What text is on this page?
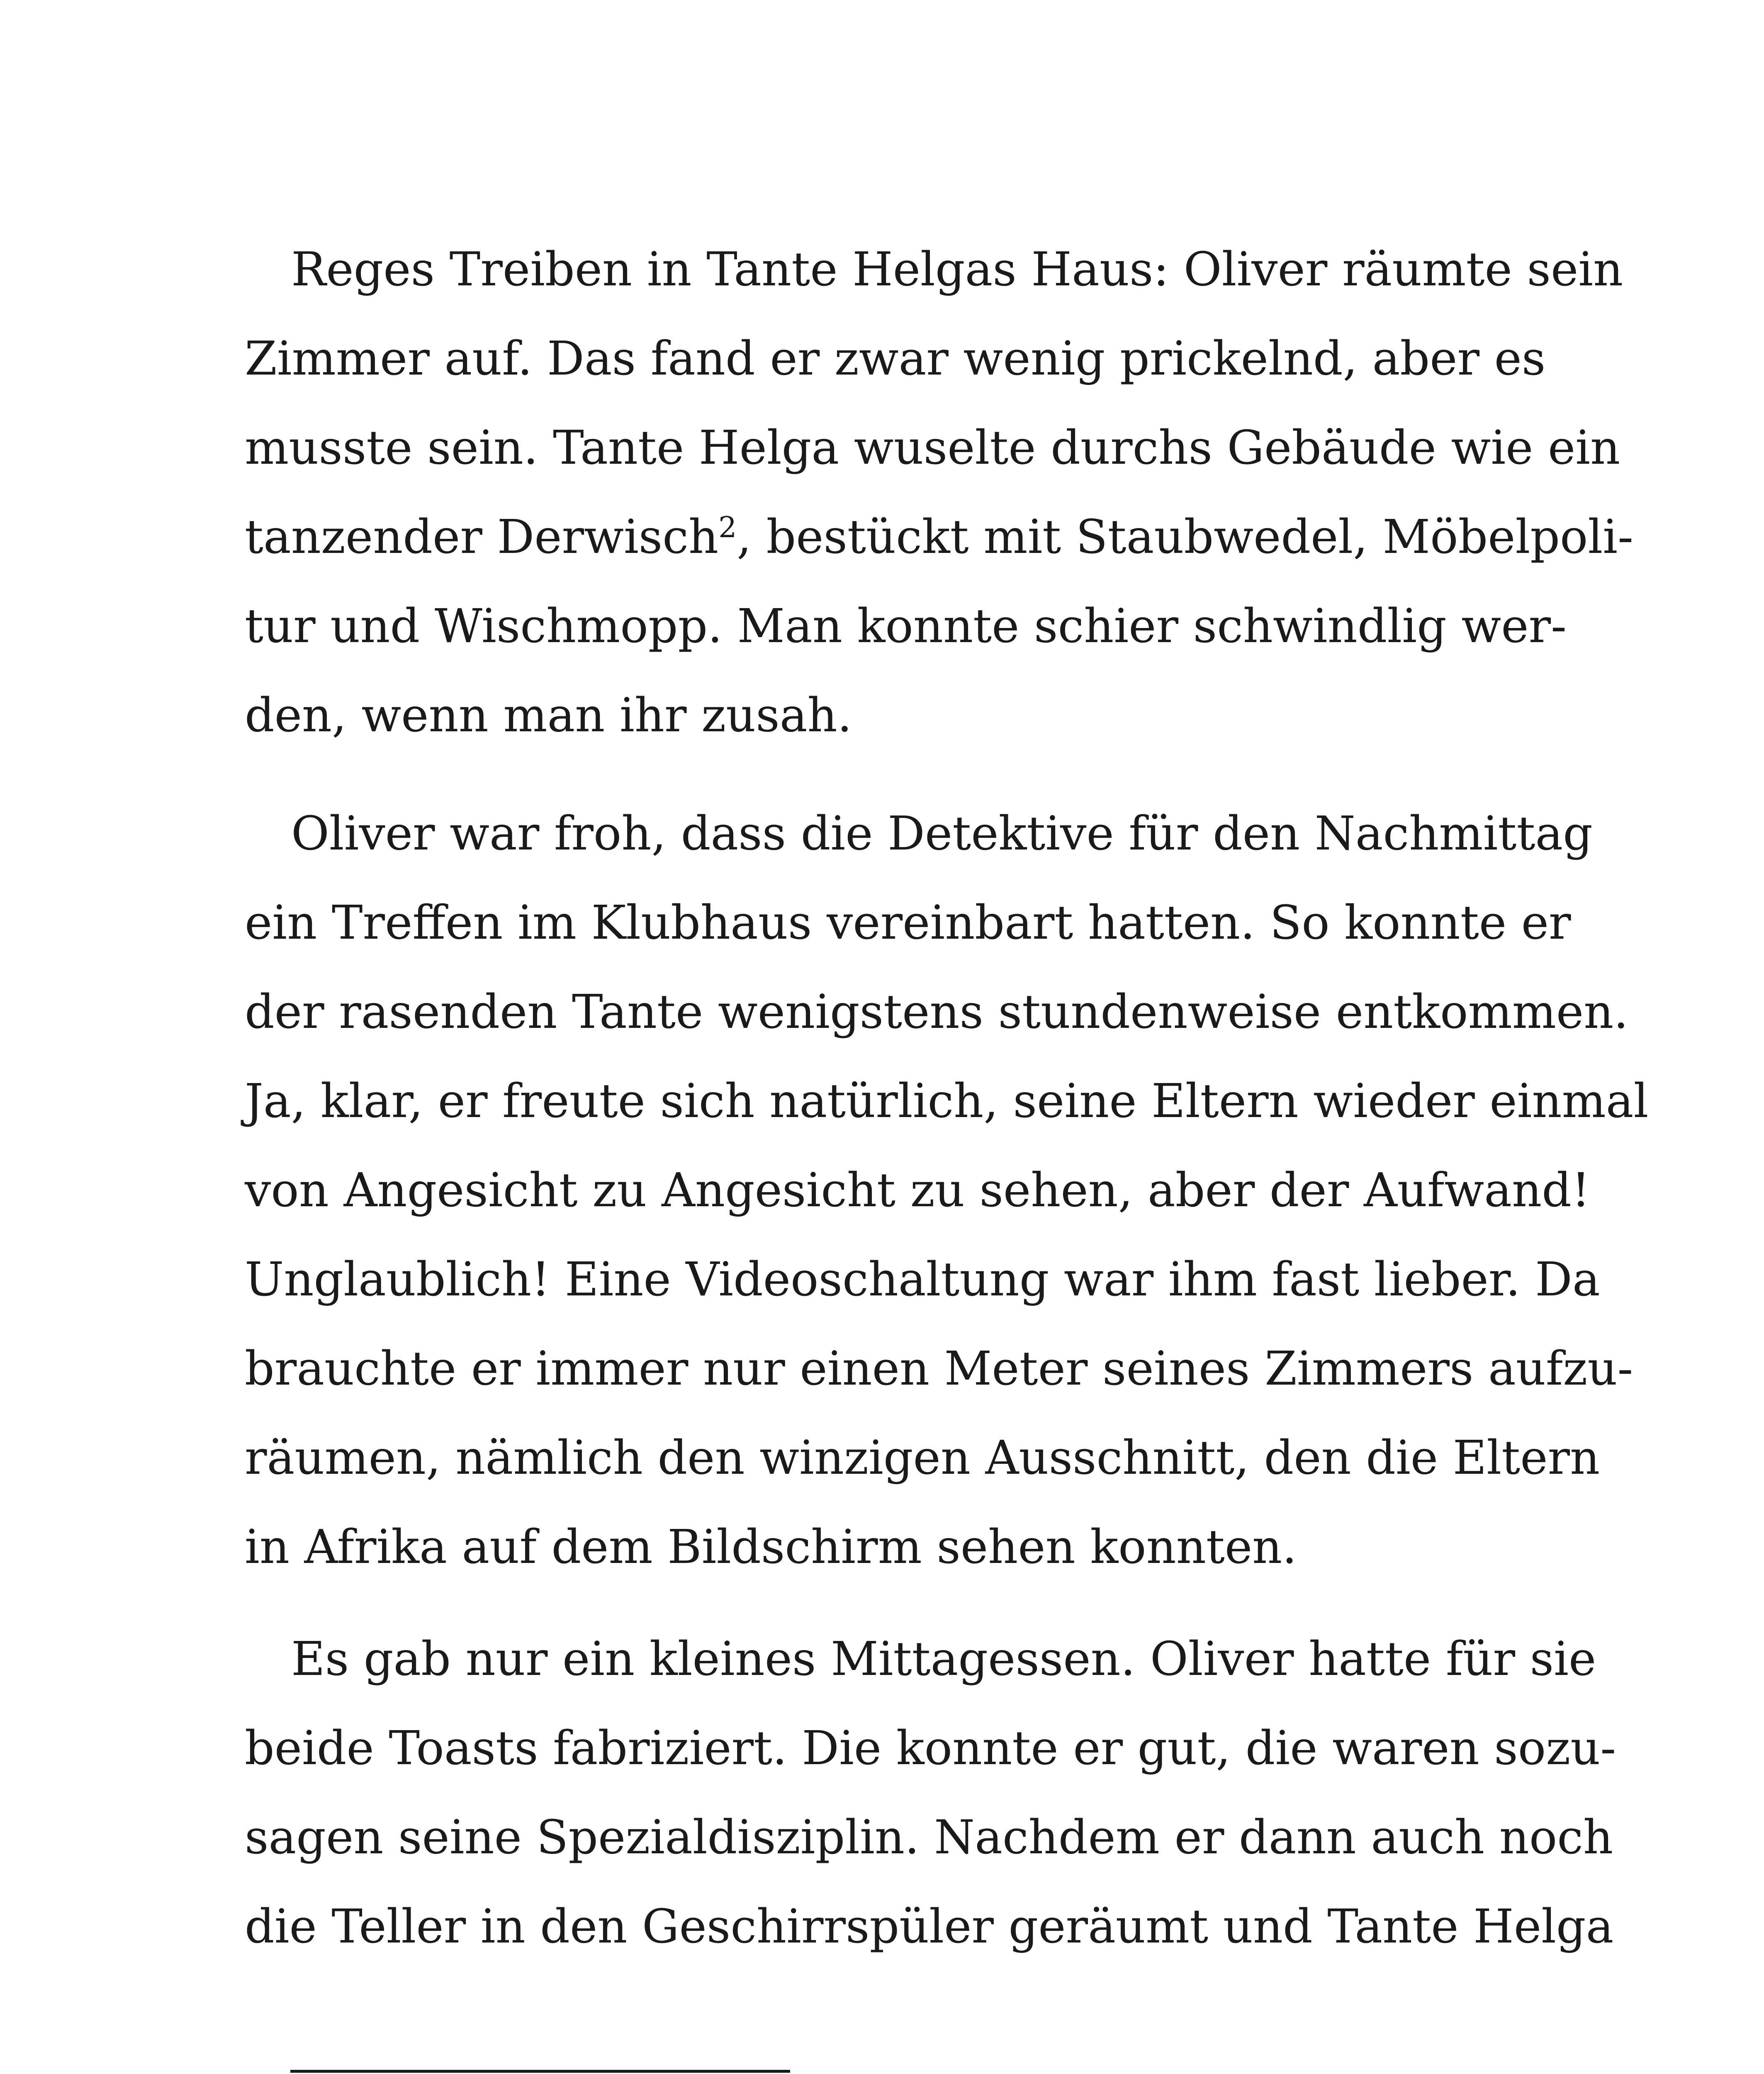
Reges Treiben in Tante Helgas Haus: Oliver räumte sein
Zimmer auf. Das fand er zwar wenig prickelnd, aber es
musste sein. Tante Helga wuselte durchs Gebäude wie ein
tanzender Derwisch$^2$, bestückt mit Staubwedel, Möbelpoli-
tur und Wischmopp. Man konnte schier schwindlig wer-
den, wenn man ihr zusah.
Oliver war froh, dass die Detektive für den Nachmittag
ein Treffen im Klubhaus vereinbart hatten. So konnte er
der rasenden Tante wenigstens stundenweise entkommen.
Ja, klar, er freute sich natürlich, seine Eltern wieder einmal
von Angesicht zu Angesicht zu sehen, aber der Aufwand!
Unglaublich! Eine Videoschaltung war ihm fast lieber. Da
brauchte er immer nur einen Meter seines Zimmers aufzu-
räumen, nämlich den winzigen Ausschnitt, den die Eltern
in Afrika auf dem Bildschirm sehen konnten.
Es gab nur ein kleines Mittagessen. Oliver hatte für sie
beide Toasts fabriziert. Die konnte er gut, die waren sozu-
sagen seine Spezialdisziplin. Nachdem er dann auch noch
die Teller in den Geschirrspüler geräumt und Tante Helga
